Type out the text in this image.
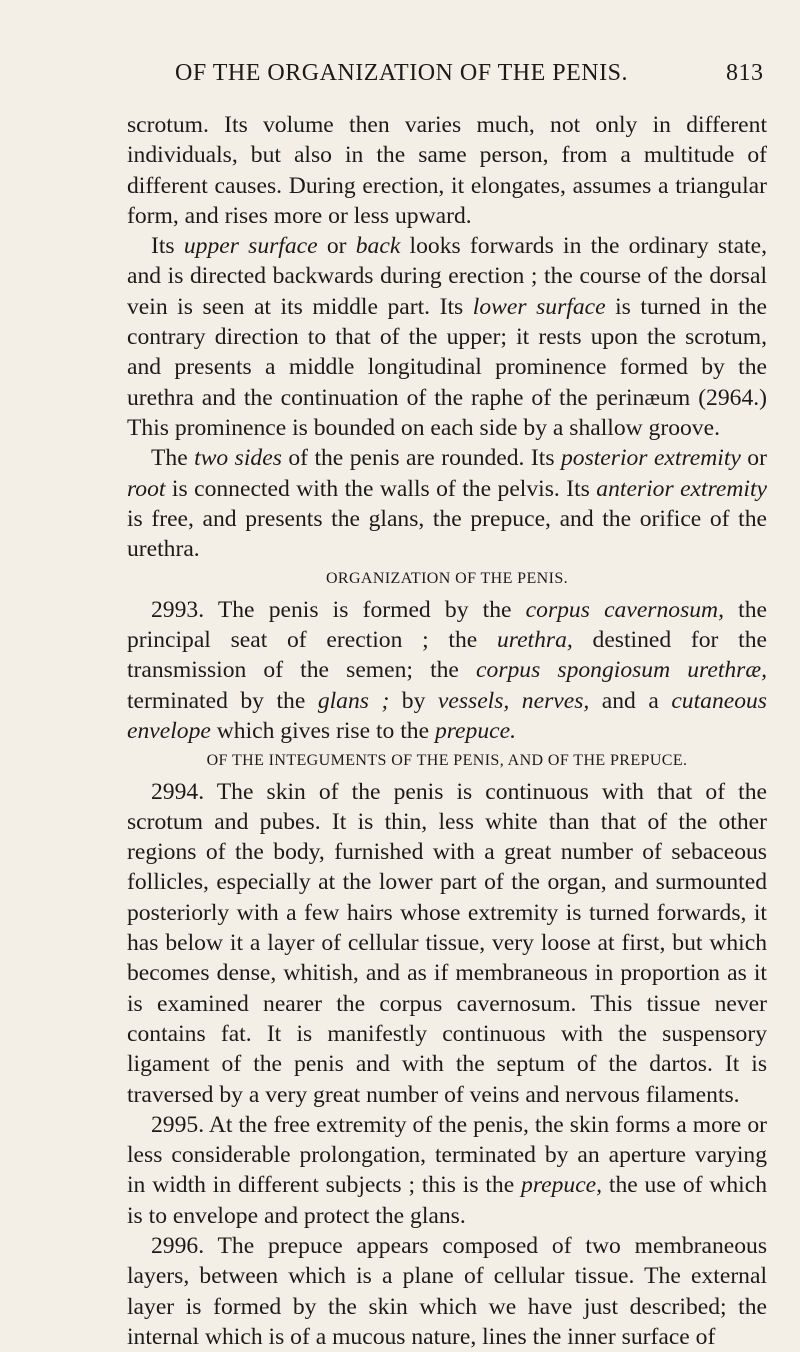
OF THE ORGANIZATION OF THE PENIS.	813

scrotum. Its volume then varies much, not only in different individuals, but also in the same person, from a multitude of different causes. During erection, it elongates, assumes a triangular form, and rises more or less upward.

Its upper surface or back looks forwards in the ordinary state, and is directed backwards during erection ; the course of the dorsal vein is seen at its middle part. Its lower surface is turned in the contrary direction to that of the upper; it rests upon the scrotum, and presents a middle longitudinal prominence formed by the urethra and the continuation of the raphe of the perinæum (2964.) This prominence is bounded on each side by a shallow groove.

The two sides of the penis are rounded. Its posterior extremity or root is connected with the walls of the pelvis. Its anterior extremity is free, and presents the glans, the prepuce, and the orifice of the urethra.

ORGANIZATION OF THE PENIS.

2993. The penis is formed by the corpus cavernosum, the principal seat of erection ; the urethra, destined for the transmission of the semen; the corpus spongiosum urethræ, terminated by the glans ; by vessels, nerves, and a cutaneous envelope which gives rise to the prepuce.

OF THE INTEGUMENTS OF THE PENIS, AND OF THE PREPUCE.

2994. The skin of the penis is continuous with that of the scrotum and pubes. It is thin, less white than that of the other regions of the body, furnished with a great number of sebaceous follicles, especially at the lower part of the organ, and surmounted posteriorly with a few hairs whose extremity is turned forwards, it has below it a layer of cellular tissue, very loose at first, but which becomes dense, whitish, and as if membraneous in proportion as it is examined nearer the corpus cavernosum. This tissue never contains fat. It is manifestly continuous with the suspensory ligament of the penis and with the septum of the dartos. It is traversed by a very great number of veins and nervous filaments.

2995. At the free extremity of the penis, the skin forms a more or less considerable prolongation, terminated by an aperture varying in width in different subjects ; this is the prepuce, the use of which is to envelope and protect the glans.

2996. The prepuce appears composed of two membraneous layers, between which is a plane of cellular tissue. The external layer is formed by the skin which we have just described; the internal which is of a mucous nature, lines the inner surface of
